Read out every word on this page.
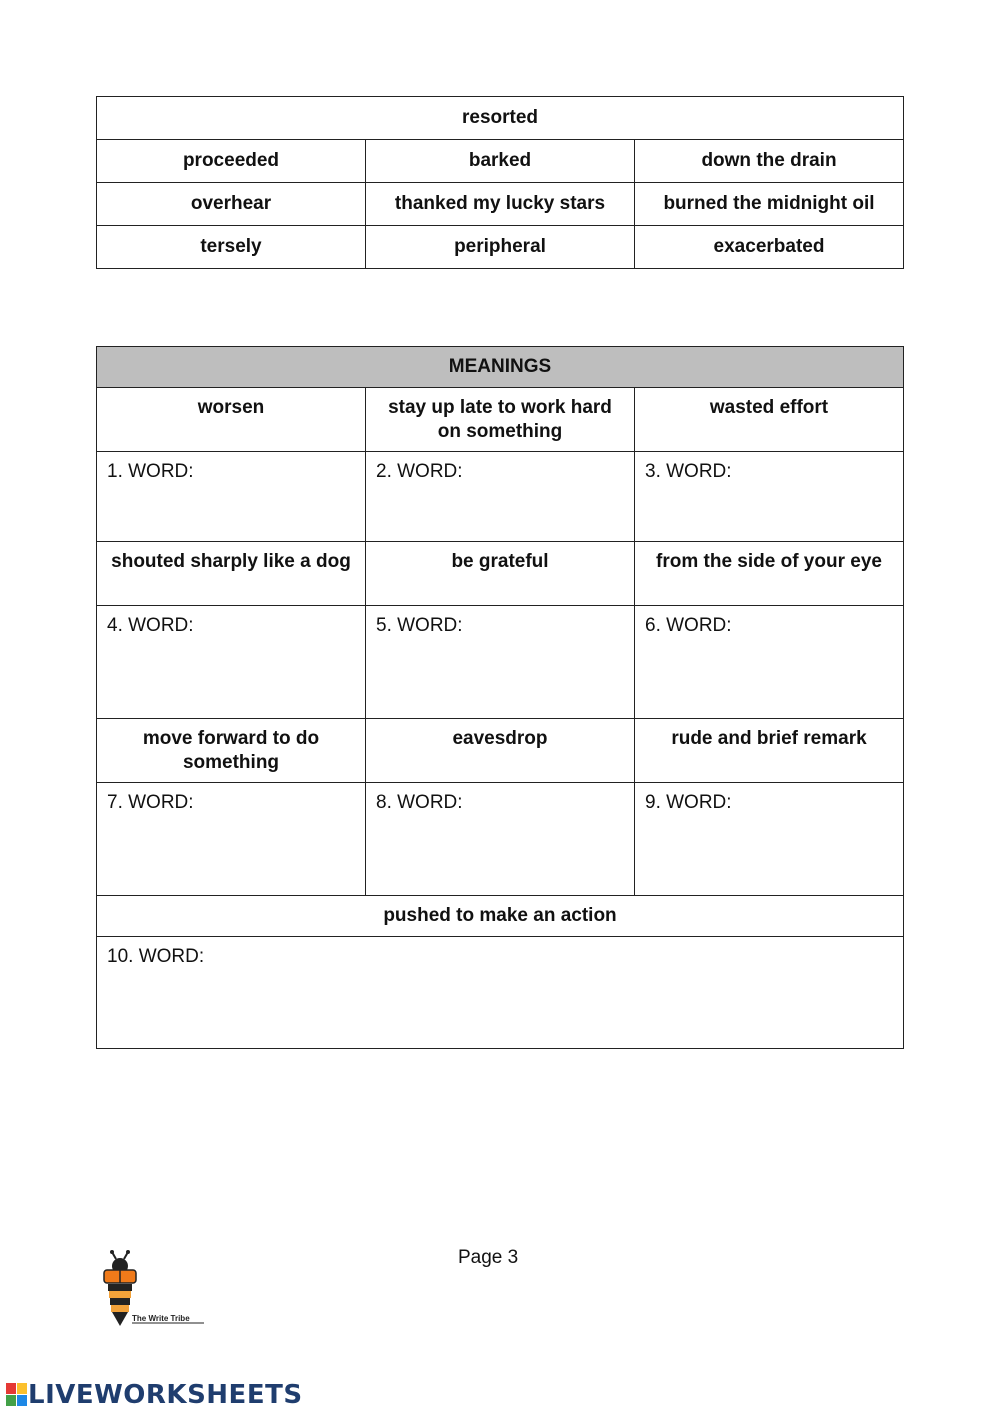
resorted		
proceeded	barked	down the drain
overhear	thanked my lucky stars	burned the midnight oil
tersely	peripheral	exacerbated
MEANINGS		
worsen	stay up late to work hard on something	wasted effort
1. WORD:	2. WORD:	3. WORD:
shouted sharply like a dog	be grateful	from the side of your eye
4. WORD:	5. WORD:	6. WORD:
move forward to do something	eavesdrop	rude and brief remark
7. WORD:	8. WORD:	9. WORD:
pushed to make an action		
10. WORD:		
Page 3
The Write Tribe
LIVEWORKSHEETS
